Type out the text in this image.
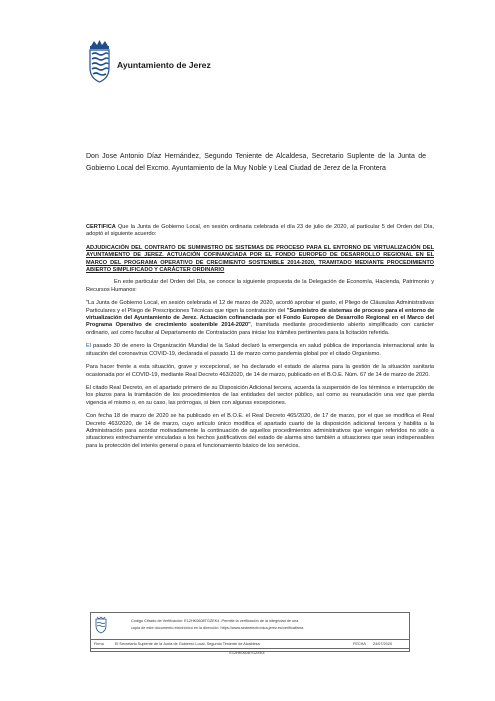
Ayuntamiento de Jerez
Don Jose Antonio Díaz Hernández, Segundo Teniente de Alcaldesa, Secretario Suplente de la Junta de Gobierno Local del Excmo. Ayuntamiento de la Muy Noble y Leal Ciudad de Jerez de la Frontera

CERTIFICA Que la Junta de Gobierno Local, en sesión ordinaria celebrada el día 23 de julio de 2020, al particular 5 del Orden del Día, adoptó el siguiente acuerdo:

ADJUDICACIÓN DEL CONTRATO DE SUMINISTRO DE SISTEMAS DE PROCESO PARA EL ENTORNO DE VIRTUALIZACIÓN DEL AYUNTAMIENTO DE JEREZ. ACTUACIÓN COFINANCIADA POR EL FONDO EUROPEO DE DESARROLLO REGIONAL EN EL MARCO DEL PROGRAMA OPERATIVO DE CRECIMIENTO SOSTENIBLE 2014-2020, TRAMITADO MEDIANTE PROCEDIMIENTO ABIERTO SIMPLIFICADO Y CARÁCTER ORDINARIO

En este particular del Orden del Día, se conoce la siguiente propuesta de la Delegación de Economía, Hacienda, Patrimonio y Recursos Humanos:

"La Junta de Gobierno Local, en sesión celebrada el 12 de marzo de 2020, acordó aprobar el gasto, el Pliego de Cláusulas Administrativas Particulares y el Pliego de Prescripciones Técnicas que rigen la contratación del "Suministro de sistemas de proceso para el entorno de virtualización del Ayuntamiento de Jerez. Actuación cofinanciada por el Fondo Europeo de Desarrollo Regional en el Marco del Programa Operativo de crecimiento sostenible 2014-2020", tramitada mediante procedimiento abierto simplificado con carácter ordinario, así como facultar al Departamento de Contratación para iniciar los trámites pertinentes para la licitación referida.

El pasado 30 de enero la Organización Mundial de la Salud declaró la emergencia en salud pública de importancia internacional ante la situación del coronavirus COVID-19, declarada el pasado 11 de marzo como pandemia global por el citado Organismo.

Para hacer frente a esta situación, grave y excepcional, se ha declarado el estado de alarma para la gestión de la situación sanitaria ocasionada por el COVID-19, mediante Real Decreto 463/2020, de 14 de marzo, publicado en el B.O.E. Núm. 67 de 14 de marzo de 2020.

El citado Real Decreto, en el apartado primero de su Disposición Adicional tercera, acuerda la suspensión de los términos e interrupción de los plazos para la tramitación de los procedimientos de las entidades del sector público, así como su reanudación una vez que pierda vigencia el mismo o, en su caso, las prórrogas, si bien con algunas excepciones.

Con fecha 18 de marzo de 2020 se ha publicado en el B.O.E. el Real Decreto 465/2020, de 17 de marzo, por el que se modifica el Real Decreto 463/2020, de 14 de marzo, cuyo artículo único modifica el apartado cuarto de la disposición adicional tercera y habilita a la Administración para acordar motivadamente la continuación de aquellos procedimientos administrativos que vengan referidos no sólo a situaciones estrechamente vinculadas a los hechos justificativos del estado de alarma sino también a situaciones que sean indispensables para la protección del interés general o para el funcionamiento básico de los servicios.

Código Cifrado de Verificación: E12HK0608TGZEK4 .Permite la verificación de la integridad de una
copia de este documento electrónico en la dirección: https://www.sedeelectronica.jerez.es/verificafirma
Firma	El Secretario Suplente de la Junta de Gobierno Local, Segundo Teniente de Alcaldesa	FECHA 24/07/2020
E12HK0608TGZEK4
